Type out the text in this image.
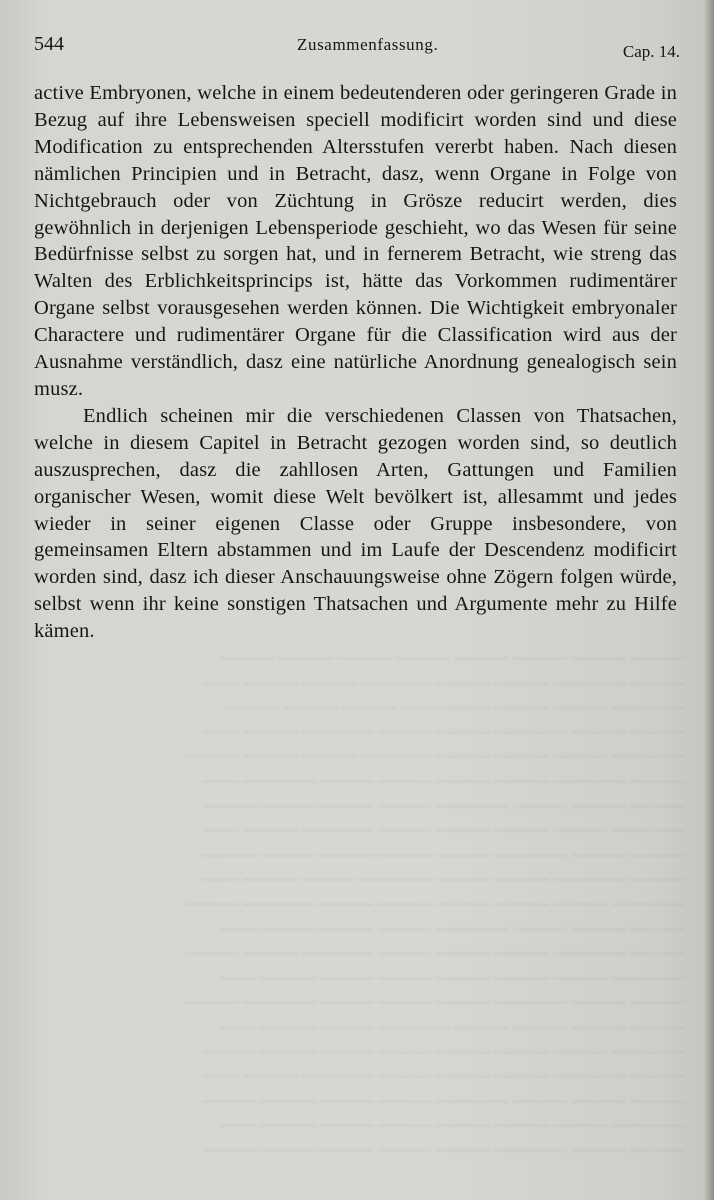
544	Zusammenfassung.	Cap. 14.

active Embryonen, welche in einem bedeutenderen oder geringeren Grade in Bezug auf ihre Lebensweisen speciell modificirt worden sind und diese Modification zu entsprechenden Altersstufen vererbt haben. Nach diesen nämlichen Principien und in Betracht, dasz, wenn Organe in Folge von Nichtgebrauch oder von Züchtung in Grösze reducirt werden, dies gewöhnlich in derjenigen Lebensperiode geschieht, wo das Wesen für seine Bedürfnisse selbst zu sorgen hat, und in fernerem Betracht, wie streng das Walten des Erblichkeitsprincips ist, hätte das Vorkommen rudimentärer Organe selbst vorausgesehen werden können. Die Wichtigkeit embryonaler Charactere und rudimentärer Organe für die Classification wird aus der Ausnahme verständlich, dasz eine natürliche Anordnung genealogisch sein musz.

Endlich scheinen mir die verschiedenen Classen von Thatsachen, welche in diesem Capitel in Betracht gezogen worden sind, so deutlich auszusprechen, dasz die zahllosen Arten, Gattungen und Familien organischer Wesen, womit diese Welt bevölkert ist, allesammt und jedes wieder in seiner eigenen Classe oder Gruppe insbesondere, von gemeinsamen Eltern abstammen und im Laufe der Descendenz modificirt worden sind, dasz ich dieser Anschauungsweise ohne Zögern folgen würde, selbst wenn ihr keine sonstigen Thatsachen und Argumente mehr zu Hilfe kämen.

——— ——— ——— ——— ——— ——— ——— ———
——— ———— ——— ——— ———— ——— ——— ——
———— ——— ——— ————— ——— ——— ———
——— ——— ———— ——— ——— ———— ——— ——
———— ——— ——— ——— ———— ——— ——— ———
——— ———— ——— ——— ——— ——— ———— ——
——— ——— ——— ———— ——— ——— ——— ———
———— ——— ——— ——— ——— ———— ——— ——
——— ——— ———— ——— ——— ——— ——— ———
——— ———— ——— ——— ———— ——— ——— ——
———— ——— ——— ——— ——— ——— ———— ———
——— ——— ——— ———— ——— ——— ——— ——
——— ———— ——— ——— ——— ———— ——— ———
———— ——— ——— ——— ——— ——— ——— ——
——— ——— ———— ——— ——— ——— ———— ———
——— ——— ——— ——— ———— ——— ——— ——
———— ——— ——— ——— ——— ——— ——— ———
——— ———— ——— ——— ——— ———— ——— ——
——— ——— ——— ———— ——— ——— ——— ———
———— ——— ——— ——— ——— ——— ——— ——
——— ——— ———— ——— ——— ——— ——— ———
